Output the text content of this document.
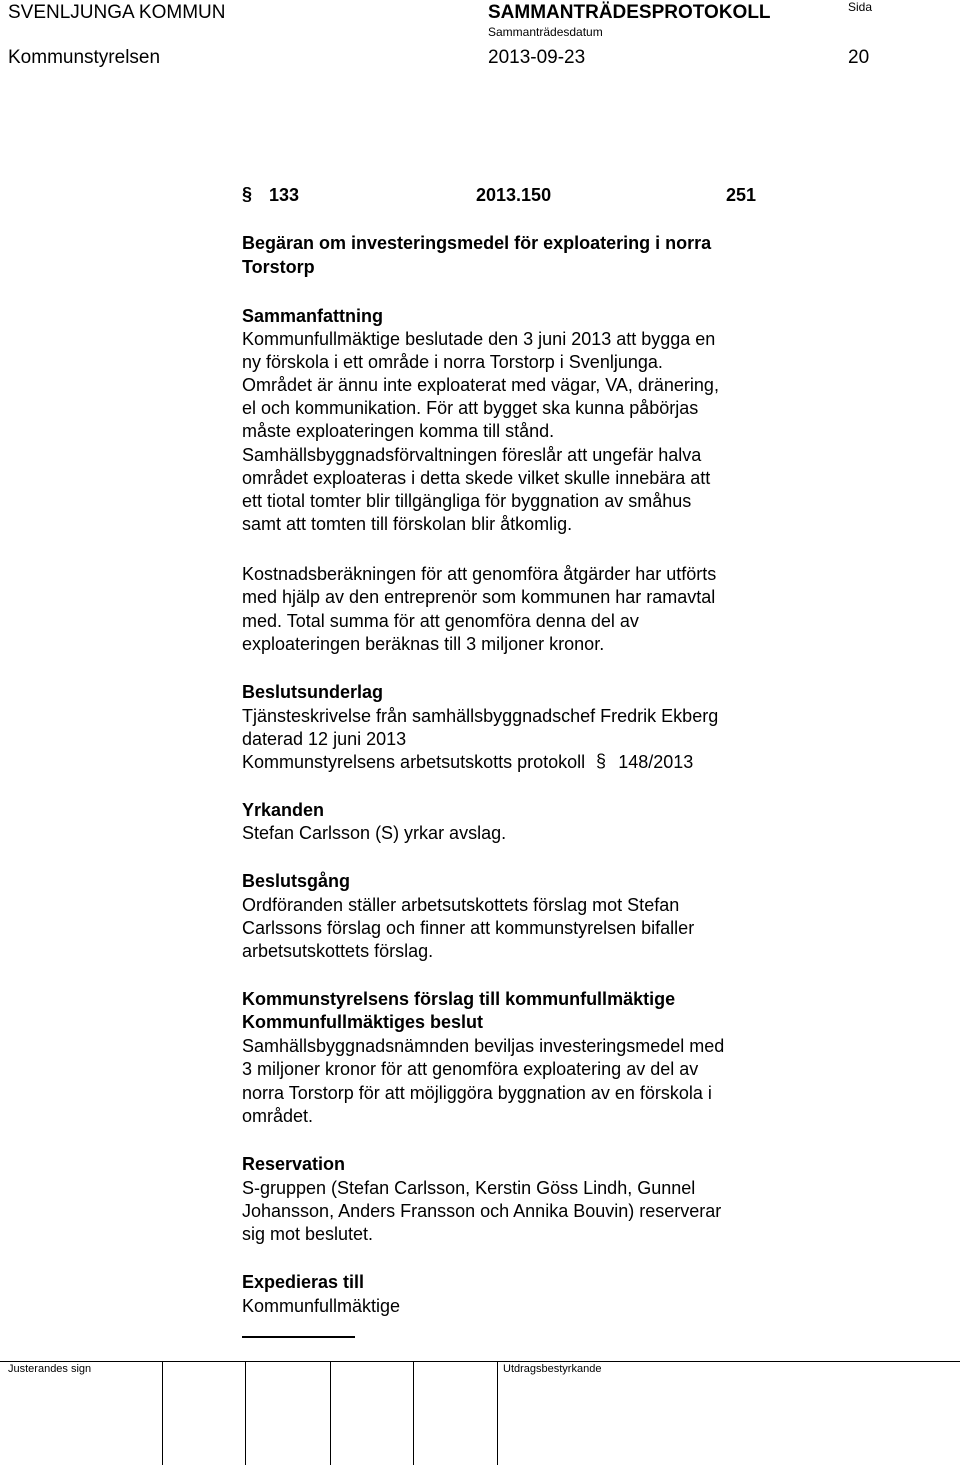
SVENLJUNGA KOMMUN	SAMMANTRÄDESPROTOKOLL
Sammanträdesdatum
Sida
Kommunstyrelsen	2013-09-23	20
§ 133	2013.150	251
Begäran om investeringsmedel för exploatering i norra
Torstorp
Sammanfattning
Kommunfullmäktige beslutade den 3 juni 2013 att bygga en
ny förskola i ett område i norra Torstorp i Svenljunga.
Området är ännu inte exploaterat med vägar, VA, dränering,
el och kommunikation. För att bygget ska kunna påbörjas
måste exploateringen komma till stånd.
Samhällsbyggnadsförvaltningen föreslår att ungefär halva
området exploateras i detta skede vilket skulle innebära att
ett tiotal tomter blir tillgängliga för byggnation av småhus
samt att tomten till förskolan blir åtkomlig.
Kostnadsberäkningen för att genomföra åtgärder har utförts
med hjälp av den entreprenör som kommunen har ramavtal
med. Total summa för att genomföra denna del av
exploateringen beräknas till 3 miljoner kronor.
Beslutsunderlag
Tjänsteskrivelse från samhällsbyggnadschef Fredrik Ekberg
daterad 12 juni 2013
Kommunstyrelsens arbetsutskotts protokoll § 148/2013
Yrkanden
Stefan Carlsson (S) yrkar avslag.
Beslutsgång
Ordföranden ställer arbetsutskottets förslag mot Stefan
Carlssons förslag och finner att kommunstyrelsen bifaller
arbetsutskottets förslag.
Kommunstyrelsens förslag till kommunfullmäktige
Kommunfullmäktiges beslut
Samhällsbyggnadsnämnden beviljas investeringsmedel med
3 miljoner kronor för att genomföra exploatering av del av
norra Torstorp för att möjliggöra byggnation av en förskola i
området.
Reservation
S-gruppen (Stefan Carlsson, Kerstin Göss Lindh, Gunnel
Johansson, Anders Fransson och Annika Bouvin) reserverar
sig mot beslutet.
Expedieras till
Kommunfullmäktige
Justerandes sign	Utdragsbestyrkande
